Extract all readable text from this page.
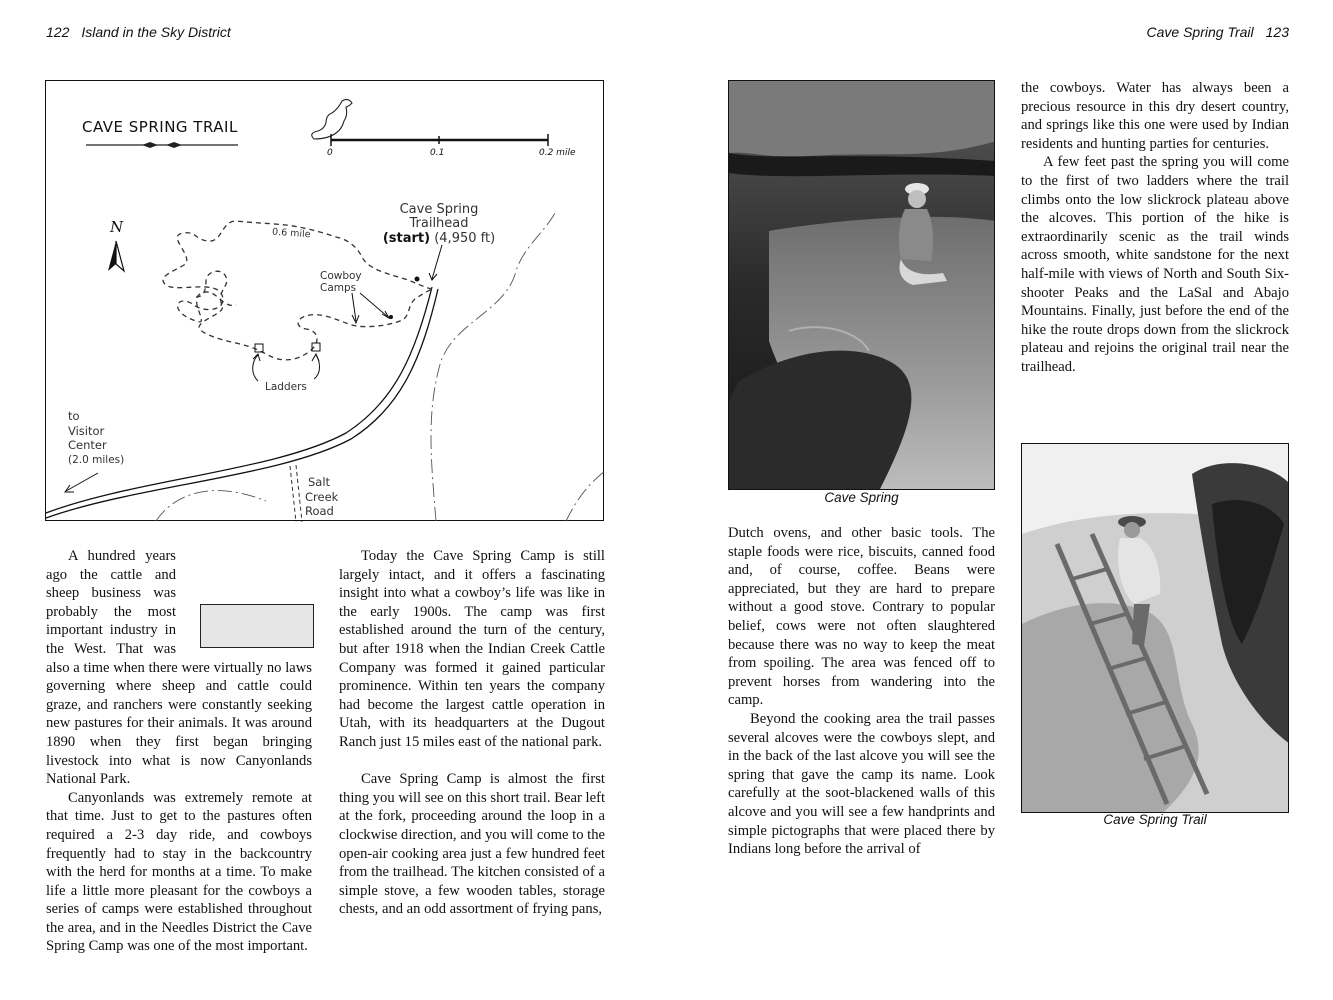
122 Island in the Sky District	Cave Spring Trail 123
CAVE SPRING TRAIL
0	0.1	0.2 mile
N
Cave Spring Trailhead
(start) (4,950 ft)
0.6 mile
Cowboy
Camps
Ladders
to
Visitor
Center
(2.0 miles)
Salt
Creek
Road

A hundred years ago the cattle and sheep business was probably the most important industry in the West. That was also a time when there were virtually no laws governing where sheep and cattle could graze, and ranchers were constantly seeking new pastures for their animals. It was around 1890 when they first began bringing livestock into what is now Canyonlands National Park.

Canyonlands was extremely remote at that time. Just to get to the pastures often required a 2-3 day ride, and cowboys frequently had to stay in the backcountry with the herd for months at a time. To make life a little more pleasant for the cowboys a series of camps were established throughout the area, and in the Needles District the Cave Spring Camp was one of the most important.

Today the Cave Spring Camp is still largely intact, and it offers a fascinating insight into what a cowboy’s life was like in the early 1900s. The camp was first established around the turn of the century, but after 1918 when the Indian Creek Cattle Company was formed it gained particular prominence. Within ten years the company had become the largest cattle operation in Utah, with its headquarters at the Dugout Ranch just 15 miles east of the national park.

Cave Spring Camp is almost the first thing you will see on this short trail. Bear left at the fork, proceeding around the loop in a clockwise direction, and you will come to the open-air cooking area just a few hundred feet from the trailhead. The kitchen consisted of a simple stove, a few wooden tables, storage chests, and an odd assortment of frying pans,

Cave Spring

Dutch ovens, and other basic tools. The staple foods were rice, biscuits, canned food and, of course, coffee. Beans were appreciated, but they are hard to prepare without a good stove. Contrary to popular belief, cows were not often slaughtered because there was no way to keep the meat from spoiling. The area was fenced off to prevent horses from wandering into the camp.

Beyond the cooking area the trail passes several alcoves were the cowboys slept, and in the back of the last alcove you will see the spring that gave the camp its name. Look carefully at the soot-blackened walls of this alcove and you will see a few handprints and simple pictographs that were placed there by Indians long before the arrival of

the cowboys. Water has always been a precious resource in this dry desert country, and springs like this one were used by Indian residents and hunting parties for centuries.

A few feet past the spring you will come to the first of two ladders where the trail climbs onto the low slickrock plateau above the alcoves. This portion of the hike is extraordinarily scenic as the trail winds across smooth, white sandstone for the next half-mile with views of North and South Six-shooter Peaks and the LaSal and Abajo Mountains. Finally, just before the end of the hike the route drops down from the slickrock plateau and rejoins the original trail near the trailhead.

Cave Spring Trail
